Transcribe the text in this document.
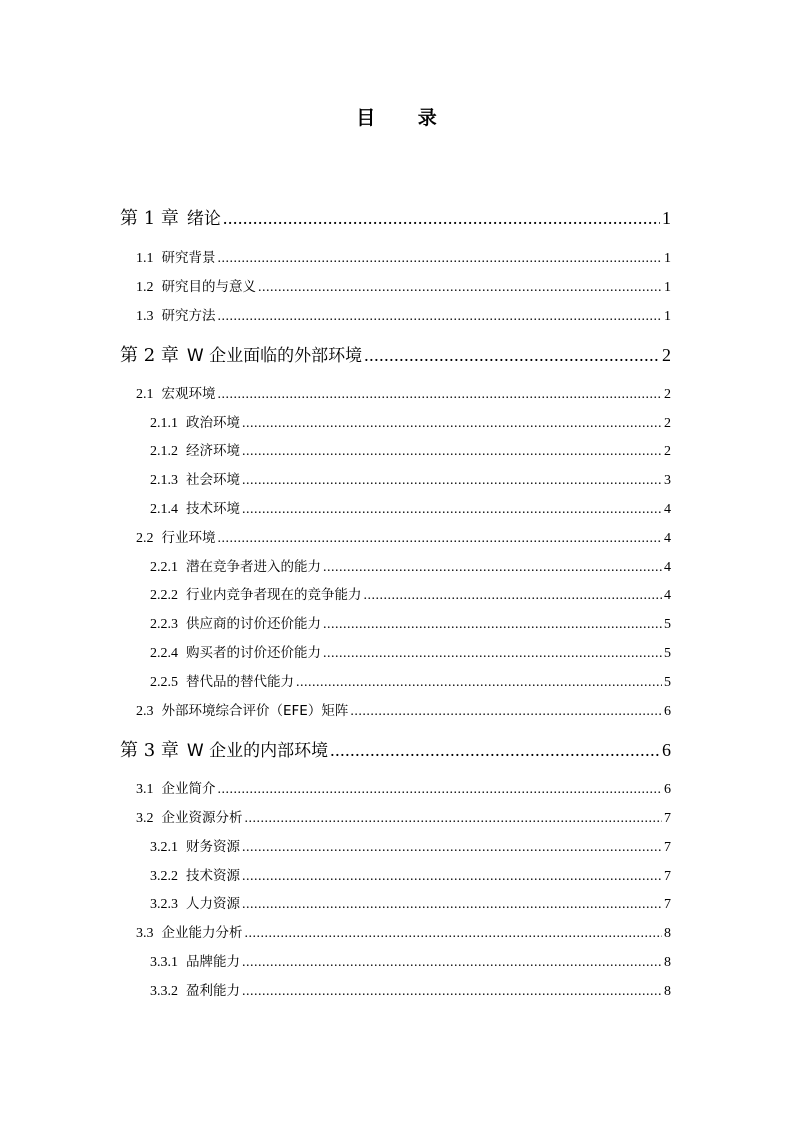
目 录
第 1 章 绪论 .....	1
1.1 研究背景 .....	1
1.2 研究目的与意义 .....	1
1.3 研究方法 .....	1
第 2 章 W 企业面临的外部环境 .....	2
2.1 宏观环境 .....	2
2.1.1 政治环境 .....	2
2.1.2 经济环境 .....	2
2.1.3 社会环境 .....	3
2.1.4 技术环境 .....	4
2.2 行业环境 .....	4
2.2.1 潜在竞争者进入的能力 .....	4
2.2.2 行业内竞争者现在的竞争能力 .....	4
2.2.3 供应商的讨价还价能力 .....	5
2.2.4 购买者的讨价还价能力 .....	5
2.2.5 替代品的替代能力 .....	5
2.3 外部环境综合评价（EFE）矩阵 .....	6
第 3 章 W 企业的内部环境 .....	6
3.1 企业简介 .....	6
3.2 企业资源分析 .....	7
3.2.1 财务资源 .....	7
3.2.2 技术资源 .....	7
3.2.3 人力资源 .....	7
3.3 企业能力分析 .....	8
3.3.1 品牌能力 .....	8
3.3.2 盈利能力 .....	8
